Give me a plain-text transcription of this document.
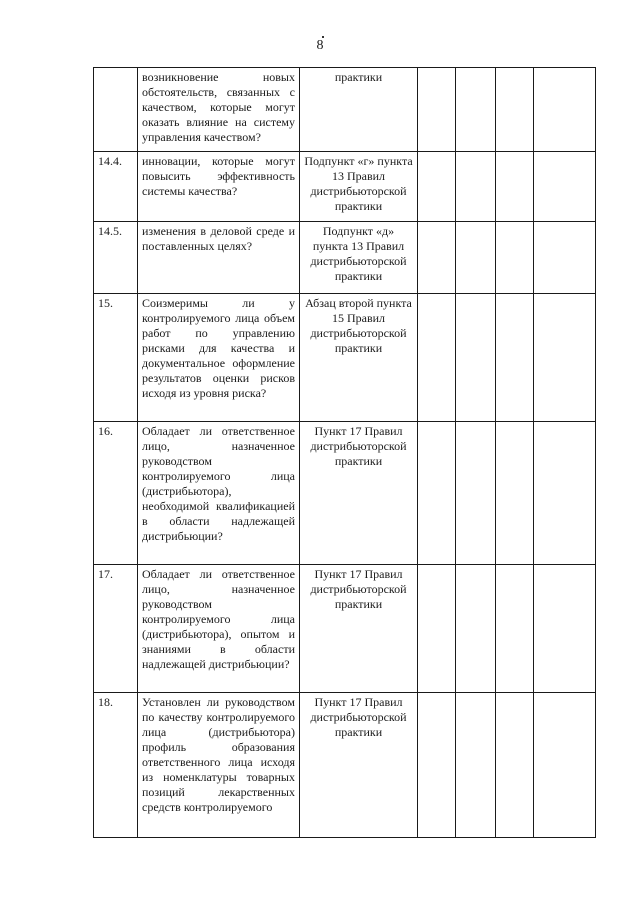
8
	возникновение новых обстоятельств, связанных с качеством, которые могут оказать влияние на систему управления качеством?	практики				
14.4.	инновации, которые могут повысить эффективность системы качества?	Подпункт «г» пункта 13 Правил дистрибьюторской практики				
14.5.	изменения в деловой среде и поставленных целях?	Подпункт «д» пункта 13 Правил дистрибьюторской практики				
15.	Соизмеримы ли у контролируемого лица объем работ по управлению рисками для качества и документальное оформление результатов оценки рисков исходя из уровня риска?	Абзац второй пункта 15 Правил дистрибьюторской практики				
16.	Обладает ли ответственное лицо, назначенное руководством контролируемого лица (дистрибьютора), необходимой квалификацией в области надлежащей дистрибьюции?	Пункт 17 Правил дистрибьюторской практики				
17.	Обладает ли ответственное лицо, назначенное руководством контролируемого лица (дистрибьютора), опытом и знаниями в области надлежащей дистрибьюции?	Пункт 17 Правил дистрибьюторской практики				
18.	Установлен ли руководством по качеству контролируемого лица (дистрибьютора) профиль образования ответственного лица исходя из номенклатуры товарных позиций лекарственных средств контролируемого	Пункт 17 Правил дистрибьюторской практики				
